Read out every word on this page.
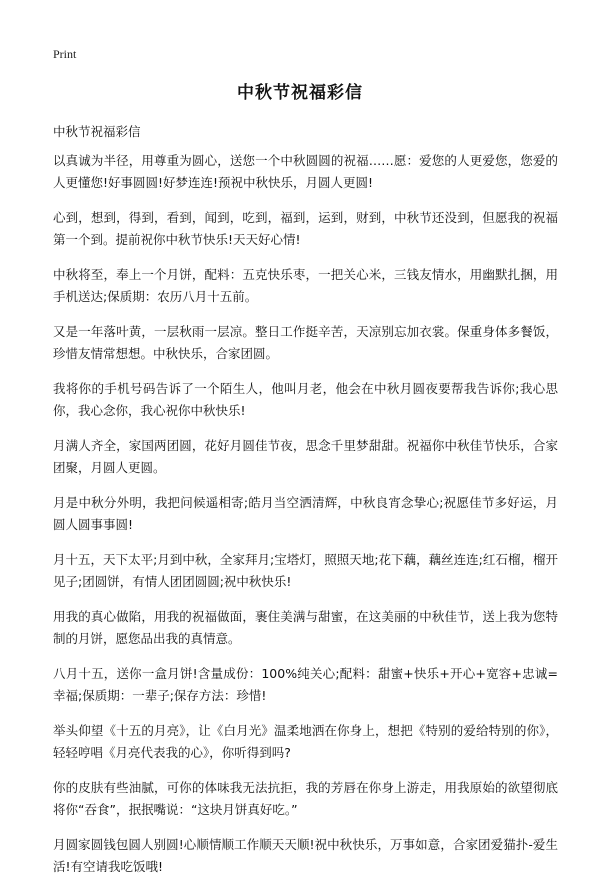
Print
中秋节祝福彩信

中秋节祝福彩信

以真诚为半径，用尊重为圆心，送您一个中秋圆圆的祝福……愿：爱您的人更爱您，您爱的人更懂您!好事圆圆!好梦连连!预祝中秋快乐，月圆人更圆!

心到，想到，得到，看到，闻到，吃到，福到，运到，财到，中秋节还没到，但愿我的祝福第一个到。提前祝你中秋节快乐!天天好心情!

中秋将至，奉上一个月饼，配料：五克快乐枣，一把关心米，三钱友情水，用幽默扎捆，用手机送达;保质期：农历八月十五前。

又是一年落叶黄，一层秋雨一层凉。整日工作挺辛苦，天凉别忘加衣裳。保重身体多餐饭，珍惜友情常想想。中秋快乐，合家团圆。

我将你的手机号码告诉了一个陌生人，他叫月老，他会在中秋月圆夜要帮我告诉你;我心思你，我心念你，我心祝你中秋快乐!

月满人齐全，家国两团圆，花好月圆佳节夜，思念千里梦甜甜。祝福你中秋佳节快乐，合家团聚，月圆人更圆。

月是中秋分外明，我把问候遥相寄;皓月当空洒清辉，中秋良宵念挚心;祝愿佳节多好运，月圆人圆事事圆!

月十五，天下太平;月到中秋，全家拜月;宝塔灯，照照天地;花下藕，藕丝连连;红石榴，榴开见子;团圆饼，有情人团团圆圆;祝中秋快乐!

用我的真心做陷，用我的祝福做面，裹住美满与甜蜜，在这美丽的中秋佳节，送上我为您特制的月饼，愿您品出我的真情意。

八月十五，送你一盒月饼!含量成份：100%纯关心;配料：甜蜜+快乐+开心+宽容+忠诚=幸福;保质期：一辈子;保存方法：珍惜!

举头仰望《十五的月亮》，让《白月光》温柔地洒在你身上，想把《特别的爱给特别的你》，轻轻哼唱《月亮代表我的心》，你听得到吗?

你的皮肤有些油腻，可你的体味我无法抗拒，我的芳唇在你身上游走，用我原始的欲望彻底将你“吞食”，抿抿嘴说：“这块月饼真好吃。”

月圆家圆钱包圆人别圆!心顺情顺工作顺天天顺!祝中秋快乐，万事如意，合家团爱猫扑-爱生活!有空请我吃饭哦!
